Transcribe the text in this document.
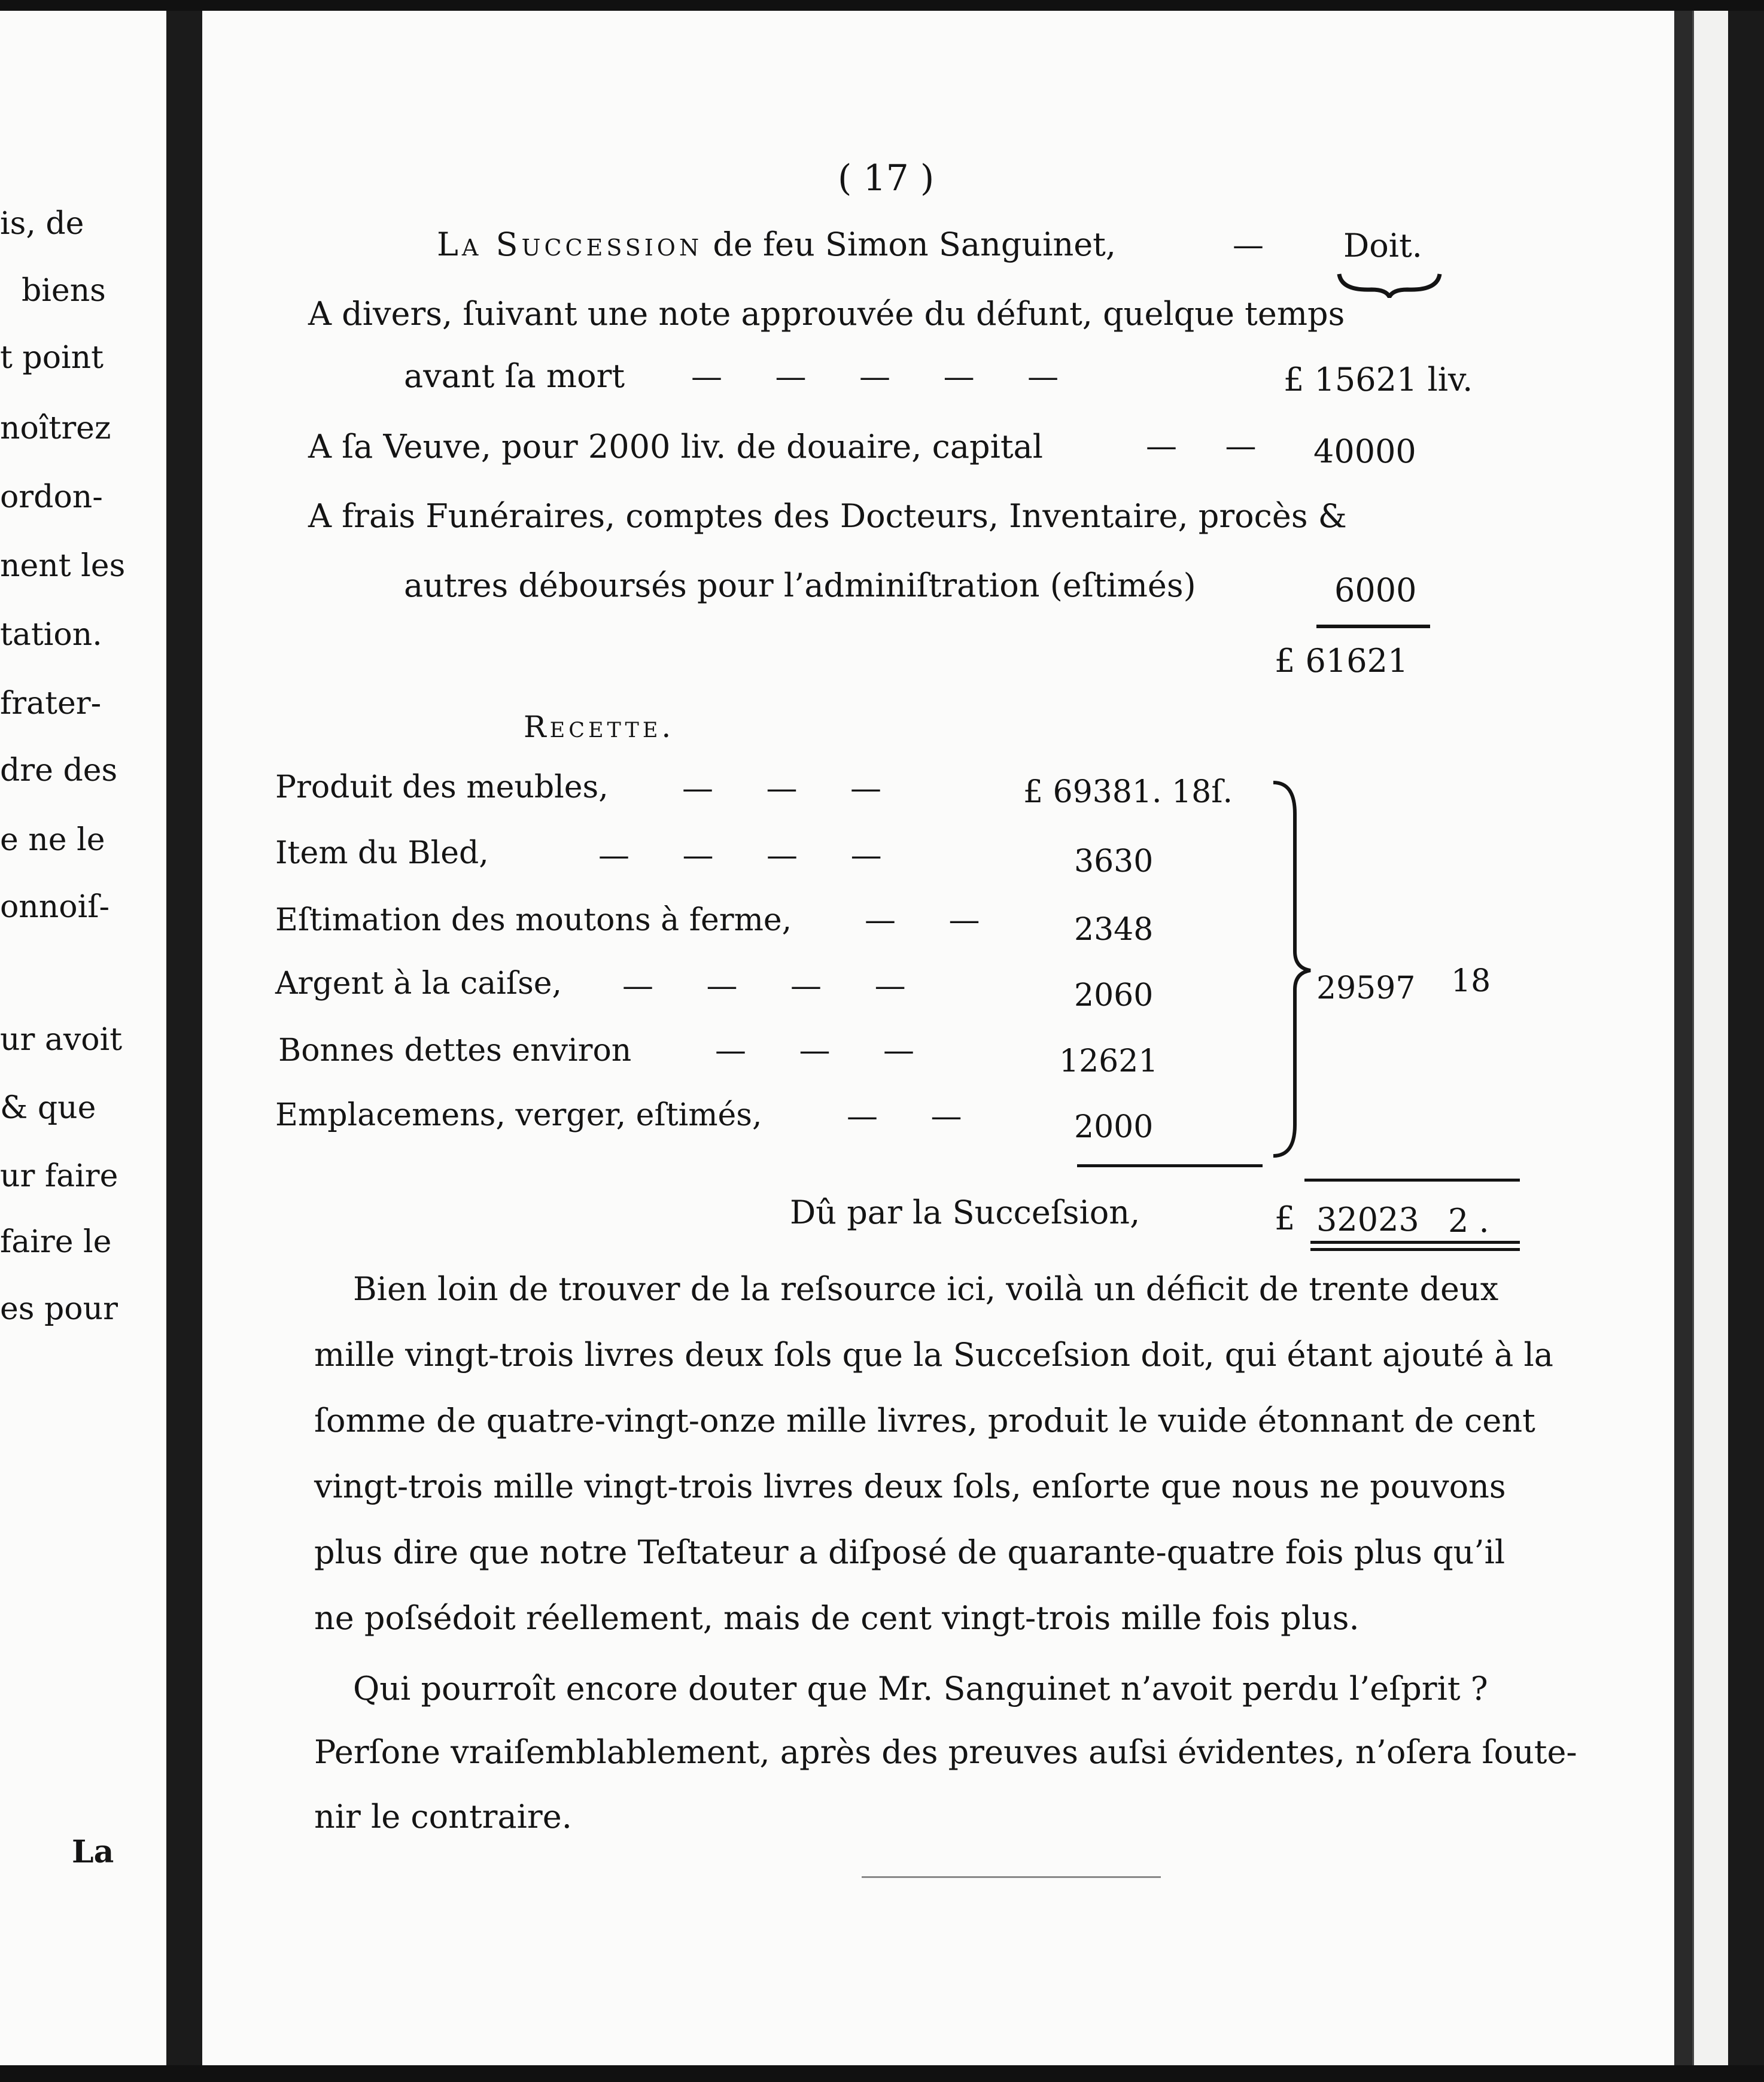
is, de
biens
t point
noîtrez
ordon-
nent les
tation.
frater-
dre des
e ne le
onnoiſ-
ur avoit
& que
ur faire
faire le
es pour
La
( 17 )
La Succession de feu Simon Sanguinet,	— Doit.
A divers, ſuivant une note approuvée du défunt, quelque temps
avant ſa mort — — — — —	£ 15621 liv.
A ſa Veuve, pour 2000 liv. de douaire, capital	— — 40000
A frais Funéraires, comptes des Docteurs, Inventaire, procès &
autres déboursés pour l’adminiſtration (eſtimés)	6000
£ 61621
Recette.
Produit des meubles, — — —	£ 69381. 18ſ.
Item du Bled,	— — — —	3630
Eſtimation des moutons à ferme, — —	2348
Argent à la caiſse, — — — —	2060
Bonnes dettes environ	— — —	12621
Emplacemens, verger, eſtimés,	— —	2000
29597 18
Dû par la Succeſsion,	£ 32023 2 .
Bien loin de trouver de la reſsource ici, voilà un déficit de trente deux
mille vingt-trois livres deux ſols que la Succeſsion doit, qui étant ajouté à la
ſomme de quatre-vingt-onze mille livres, produit le vuide étonnant de cent
vingt-trois mille vingt-trois livres deux ſols, enſorte que nous ne pouvons
plus dire que notre Teſtateur a diſposé de quarante-quatre fois plus qu’il
ne poſsédoit réellement, mais de cent vingt-trois mille fois plus.
Qui pourroît encore douter que Mr. Sanguinet n’avoit perdu l’eſprit ?
Perſone vraiſemblablement, après des preuves auſsi évidentes, n’oſera ſoute-
nir le contraire.
